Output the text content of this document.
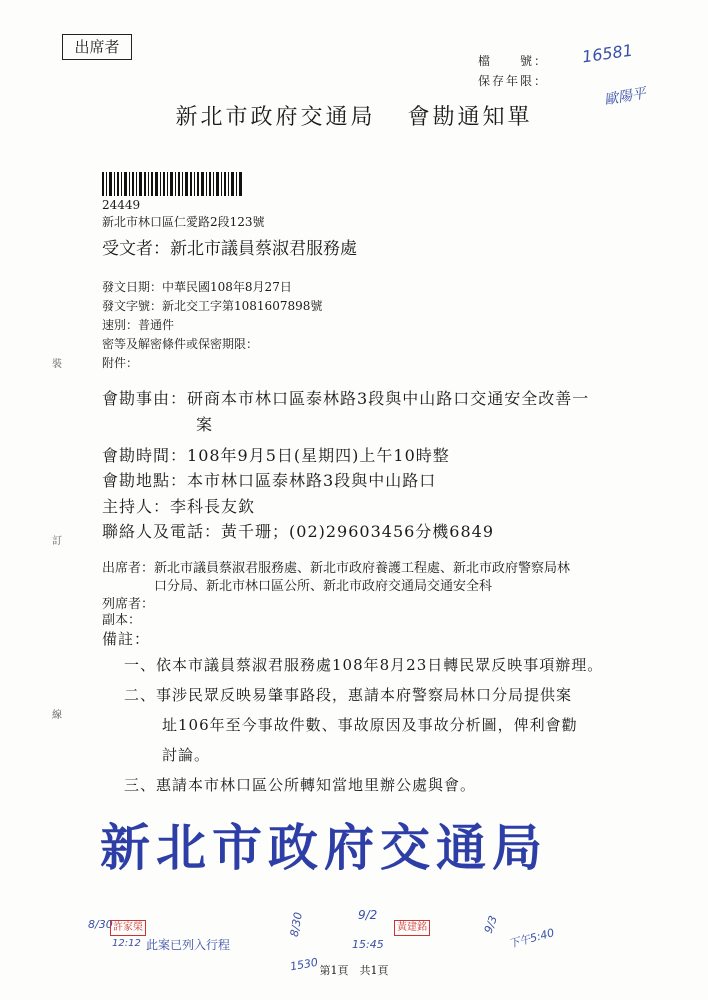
出席者
檔　　號：
保存年限：
16581
歐陽平
新北市政府交通局 會勘通知單
24449
新北市林口區仁愛路2段123號
受文者：新北市議員蔡淑君服務處
發文日期：中華民國108年8月27日
發文字號：新北交工字第1081607898號
速別：普通件
密等及解密條件或保密期限：
附件：
會勘事由：研商本市林口區泰林路3段與中山路口交通安全改善一
案
會勘時間：108年9月5日(星期四)上午10時整
會勘地點：本市林口區泰林路3段與中山路口
主持人：李科長友欽
聯絡人及電話：黃千珊；(02)29603456分機6849
出席者：新北市議員蔡淑君服務處、新北市政府養護工程處、新北市政府警察局林
口分局、新北市林口區公所、新北市政府交通局交通安全科
列席者：
副本：
備註：
一、依本市議員蔡淑君服務處108年8月23日轉民眾反映事項辦理。
二、事涉民眾反映易肇事路段，惠請本府警察局林口分局提供案
址106年至今事故件數、事故原因及事故分析圖，俾利會勸
討論。
三、惠請本市林口區公所轉知當地里辦公處與會。
新北市政府交通局
裝
訂
線
8/30
12:12
許家榮
此案已列入行程
8/30
1530
9/2
15:45
黃建銘	9/3
下午5:40
第1頁　共1頁
